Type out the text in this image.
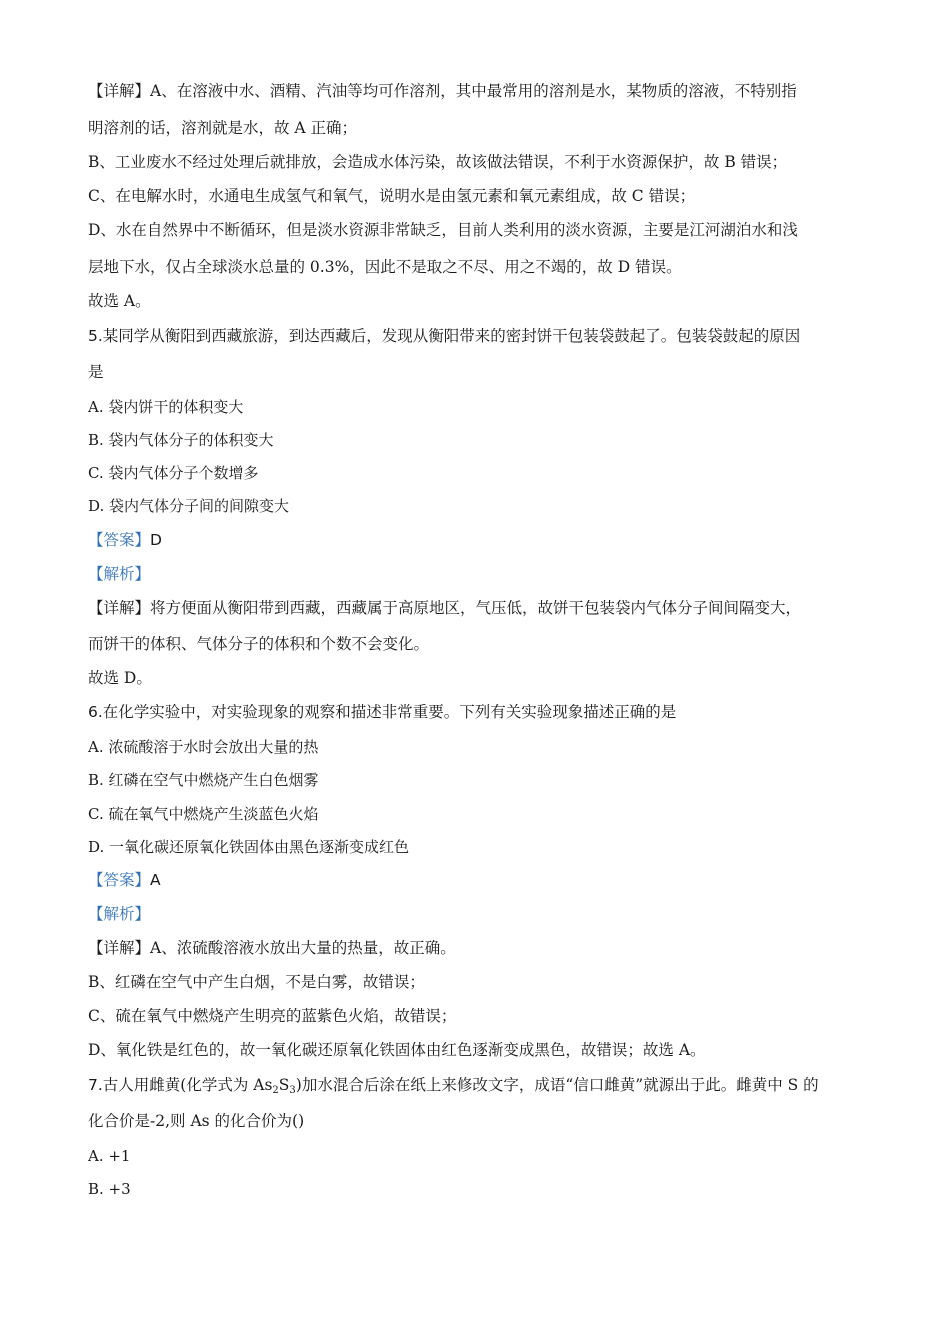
【详解】A、在溶液中水、酒精、汽油等均可作溶剂，其中最常用的溶剂是水，某物质的溶液，不特别指
明溶剂的话，溶剂就是水，故 A 正确；
B、工业废水不经过处理后就排放，会造成水体污染，故该做法错误，不利于水资源保护，故 B 错误；
C、在电解水时，水通电生成氢气和氧气，说明水是由氢元素和氧元素组成，故 C 错误；
D、水在自然界中不断循环，但是淡水资源非常缺乏，目前人类利用的淡水资源，主要是江河湖泊水和浅
层地下水，仅占全球淡水总量的 0.3%，因此不是取之不尽、用之不竭的，故 D 错误。
故选 A。
5.某同学从衡阳到西藏旅游，到达西藏后，发现从衡阳带来的密封饼干包装袋鼓起了。包装袋鼓起的原因
是
A. 袋内饼干的体积变大
B. 袋内气体分子的体积变大
C. 袋内气体分子个数增多
D. 袋内气体分子间的间隙变大
【答案】D
【解析】
【详解】将方便面从衡阳带到西藏，西藏属于高原地区，气压低，故饼干包装袋内气体分子间间隔变大，
而饼干的体积、气体分子的体积和个数不会变化。
故选 D。
6.在化学实验中，对实验现象的观察和描述非常重要。下列有关实验现象描述正确的是
A. 浓硫酸溶于水时会放出大量的热
B. 红磷在空气中燃烧产生白色烟雾
C. 硫在氧气中燃烧产生淡蓝色火焰
D. 一氧化碳还原氧化铁固体由黑色逐渐变成红色
【答案】A
【解析】
【详解】A、浓硫酸溶液水放出大量的热量，故正确。
B、红磷在空气中产生白烟，不是白雾，故错误；
C、硫在氧气中燃烧产生明亮的蓝紫色火焰，故错误；
D、氧化铁是红色的，故一氧化碳还原氧化铁固体由红色逐渐变成黑色，故错误；故选 A。
7.古人用雌黄(化学式为 $As_2S_3$)加水混合后涂在纸上来修改文字，成语“信口雌黄”就源出于此。雌黄中 S 的
化合价是-2,则 As 的化合价为()
A. +1
B. +3
